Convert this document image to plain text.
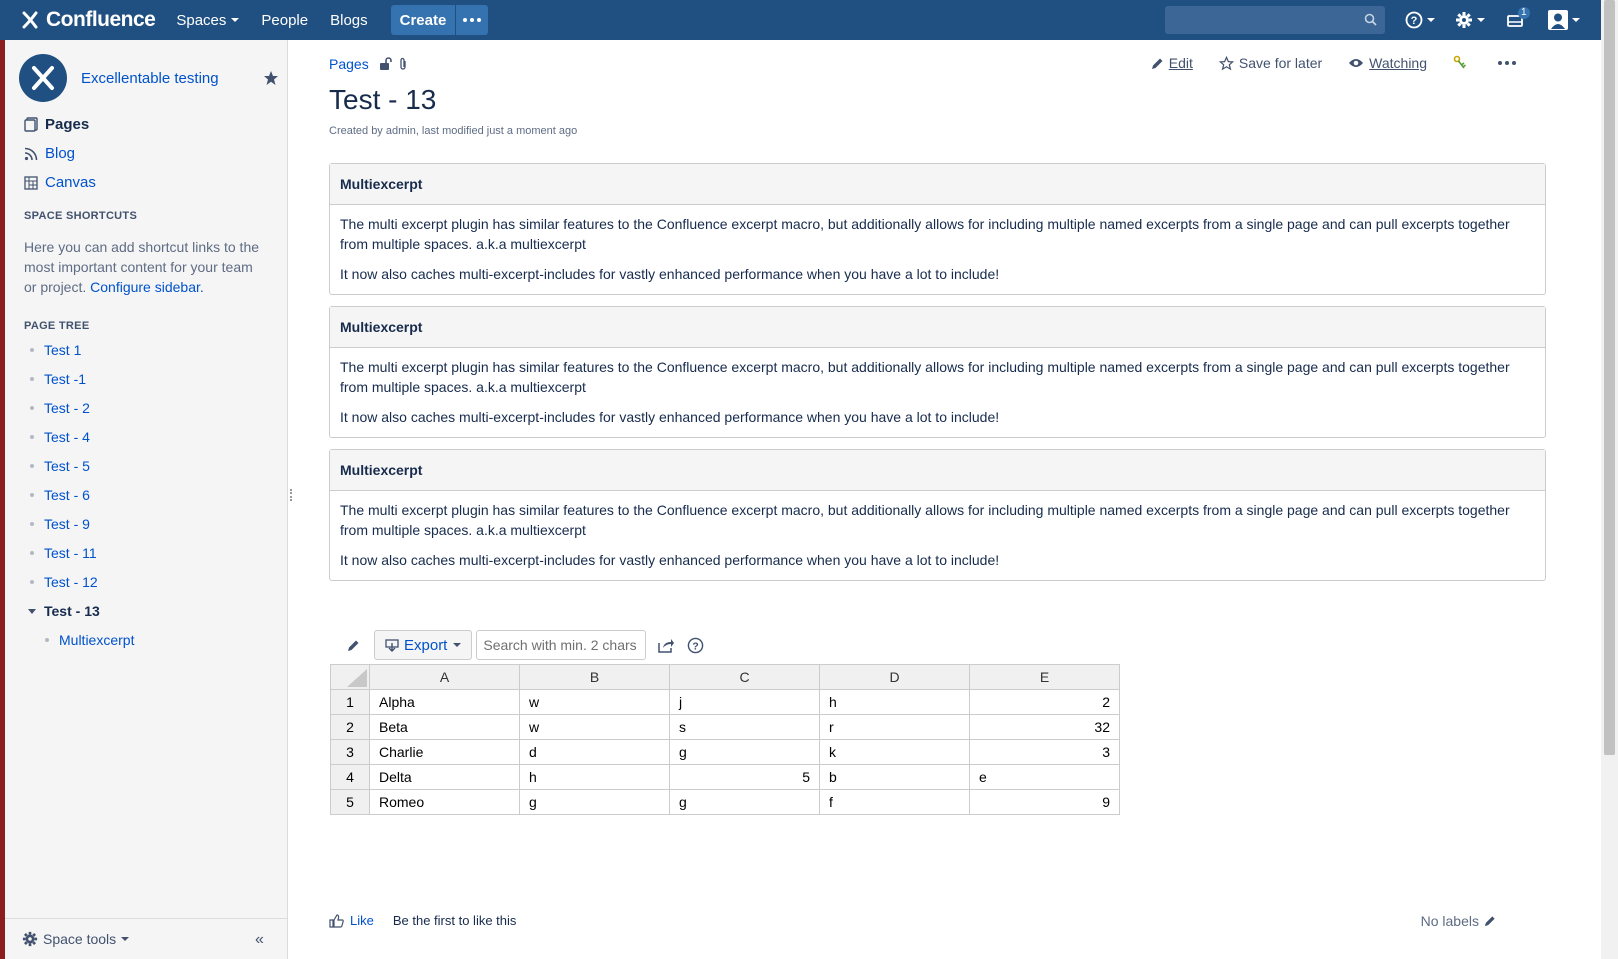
Confluence Spaces People Blogs	Create	?
1
Excellentable testing
Pages
Blog
Canvas
SPACE SHORTCUTS
Here you can add shortcut links to the most important content for your team or project. Configure sidebar.
PAGE TREE
Test 1
Test -1
Test - 2
Test - 4
Test - 5
Test - 6
Test - 9
Test - 11
Test - 12
Test - 13
Multiexcerpt
Space tools	«
Pages	Edit	Save for later	Watching
Test - 13
Created by admin, last modified just a moment ago
Multiexcerpt

The multi excerpt plugin has similar features to the Confluence excerpt macro, but additionally allows for including multiple named excerpts from a single page and can pull excerpts together from multiple spaces. a.k.a multiexcerpt

It now also caches multi-excerpt-includes for vastly enhanced performance when you have a lot to include!

Multiexcerpt

The multi excerpt plugin has similar features to the Confluence excerpt macro, but additionally allows for including multiple named excerpts from a single page and can pull excerpts together from multiple spaces. a.k.a multiexcerpt

It now also caches multi-excerpt-includes for vastly enhanced performance when you have a lot to include!

Multiexcerpt

The multi excerpt plugin has similar features to the Confluence excerpt macro, but additionally allows for including multiple named excerpts from a single page and can pull excerpts together from multiple spaces. a.k.a multiexcerpt

It now also caches multi-excerpt-includes for vastly enhanced performance when you have a lot to include!

Export
Search with min. 2 chars	?
	A	B	C	D	E
1	Alpha	w	j	h	2
2	Beta	w	s	r	32
3	Charlie	d	g	k	3
4	Delta	h	5	b	e
5	Romeo	g	g	f	9
Like Be the first to like this	No labels
